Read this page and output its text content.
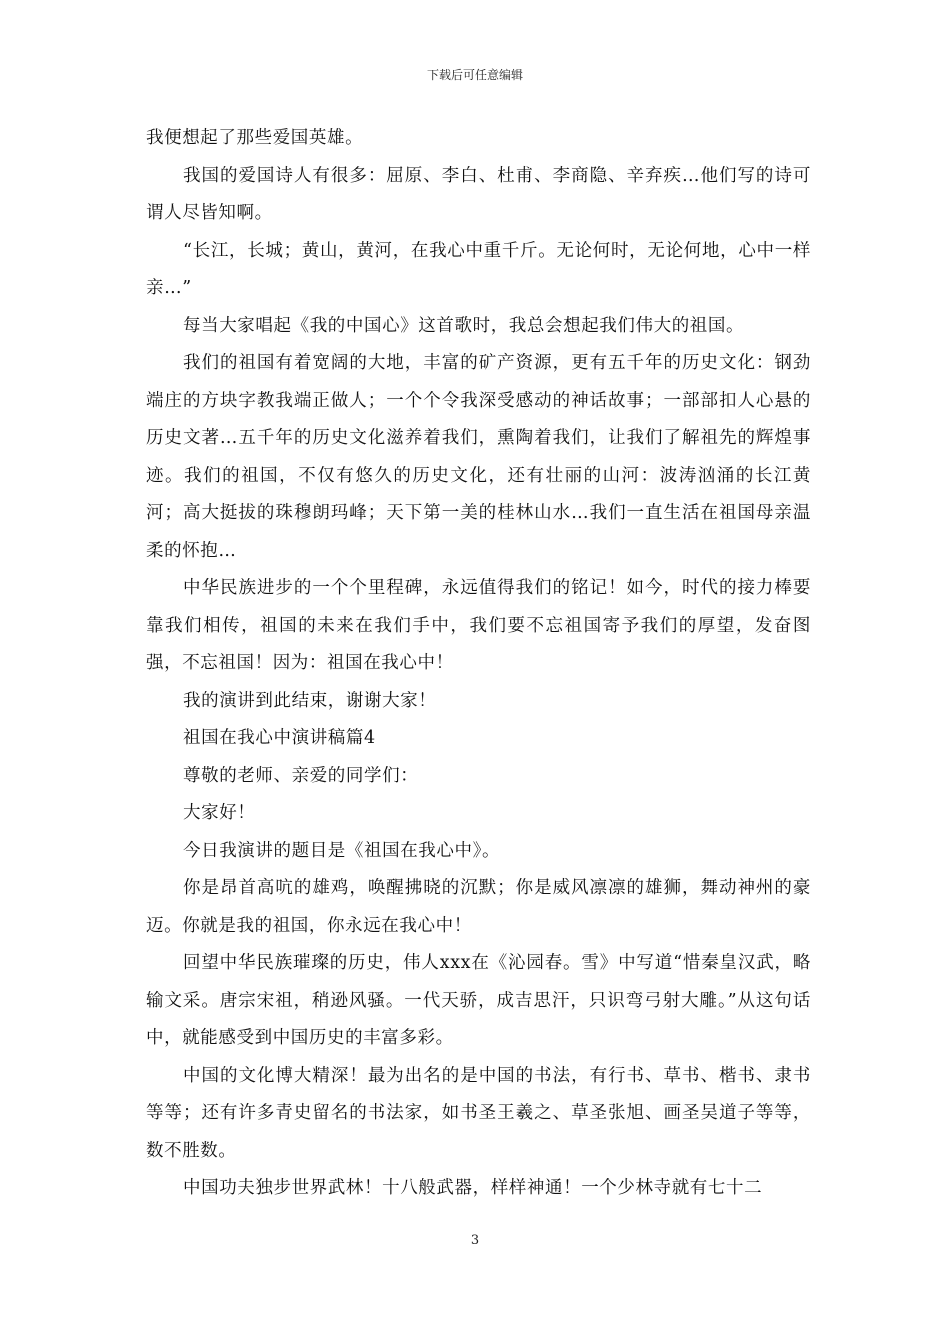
下载后可任意编辑

我便想起了那些爱国英雄。

我国的爱国诗人有很多：屈原、李白、杜甫、李商隐、辛弃疾…他们写的诗可谓人尽皆知啊。

“长江，长城；黄山，黄河，在我心中重千斤。无论何时，无论何地，心中一样亲…”

每当大家唱起《我的中国心》这首歌时，我总会想起我们伟大的祖国。

我们的祖国有着宽阔的大地，丰富的矿产资源，更有五千年的历史文化：钢劲端庄的方块字教我端正做人；一个个令我深受感动的神话故事；一部部扣人心悬的历史文著…五千年的历史文化滋养着我们，熏陶着我们，让我们了解祖先的辉煌事迹。我们的祖国，不仅有悠久的历史文化，还有壮丽的山河：波涛汹涌的长江黄河；高大挺拔的珠穆朗玛峰；天下第一美的桂林山水…我们一直生活在祖国母亲温柔的怀抱…

中华民族进步的一个个里程碑，永远值得我们的铭记！如今，时代的接力棒要靠我们相传，祖国的未来在我们手中，我们要不忘祖国寄予我们的厚望，发奋图强，不忘祖国！因为：祖国在我心中！

我的演讲到此结束，谢谢大家！

祖国在我心中演讲稿篇4

尊敬的老师、亲爱的同学们：

大家好！

今日我演讲的题目是《祖国在我心中》。

你是昂首高吭的雄鸡，唤醒拂晓的沉默；你是威风凛凛的雄狮，舞动神州的豪迈。你就是我的祖国，你永远在我心中！

回望中华民族璀璨的历史，伟人xxx在《沁园春。雪》中写道“惜秦皇汉武，略输文采。唐宗宋祖，稍逊风骚。一代天骄，成吉思汗，只识弯弓射大雕。”从这句话中，就能感受到中国历史的丰富多彩。

中国的文化博大精深！最为出名的是中国的书法，有行书、草书、楷书、隶书等等；还有许多青史留名的书法家，如书圣王羲之、草圣张旭、画圣吴道子等等，数不胜数。

中国功夫独步世界武林！十八般武器，样样神通！一个少林寺就有七十二

3
